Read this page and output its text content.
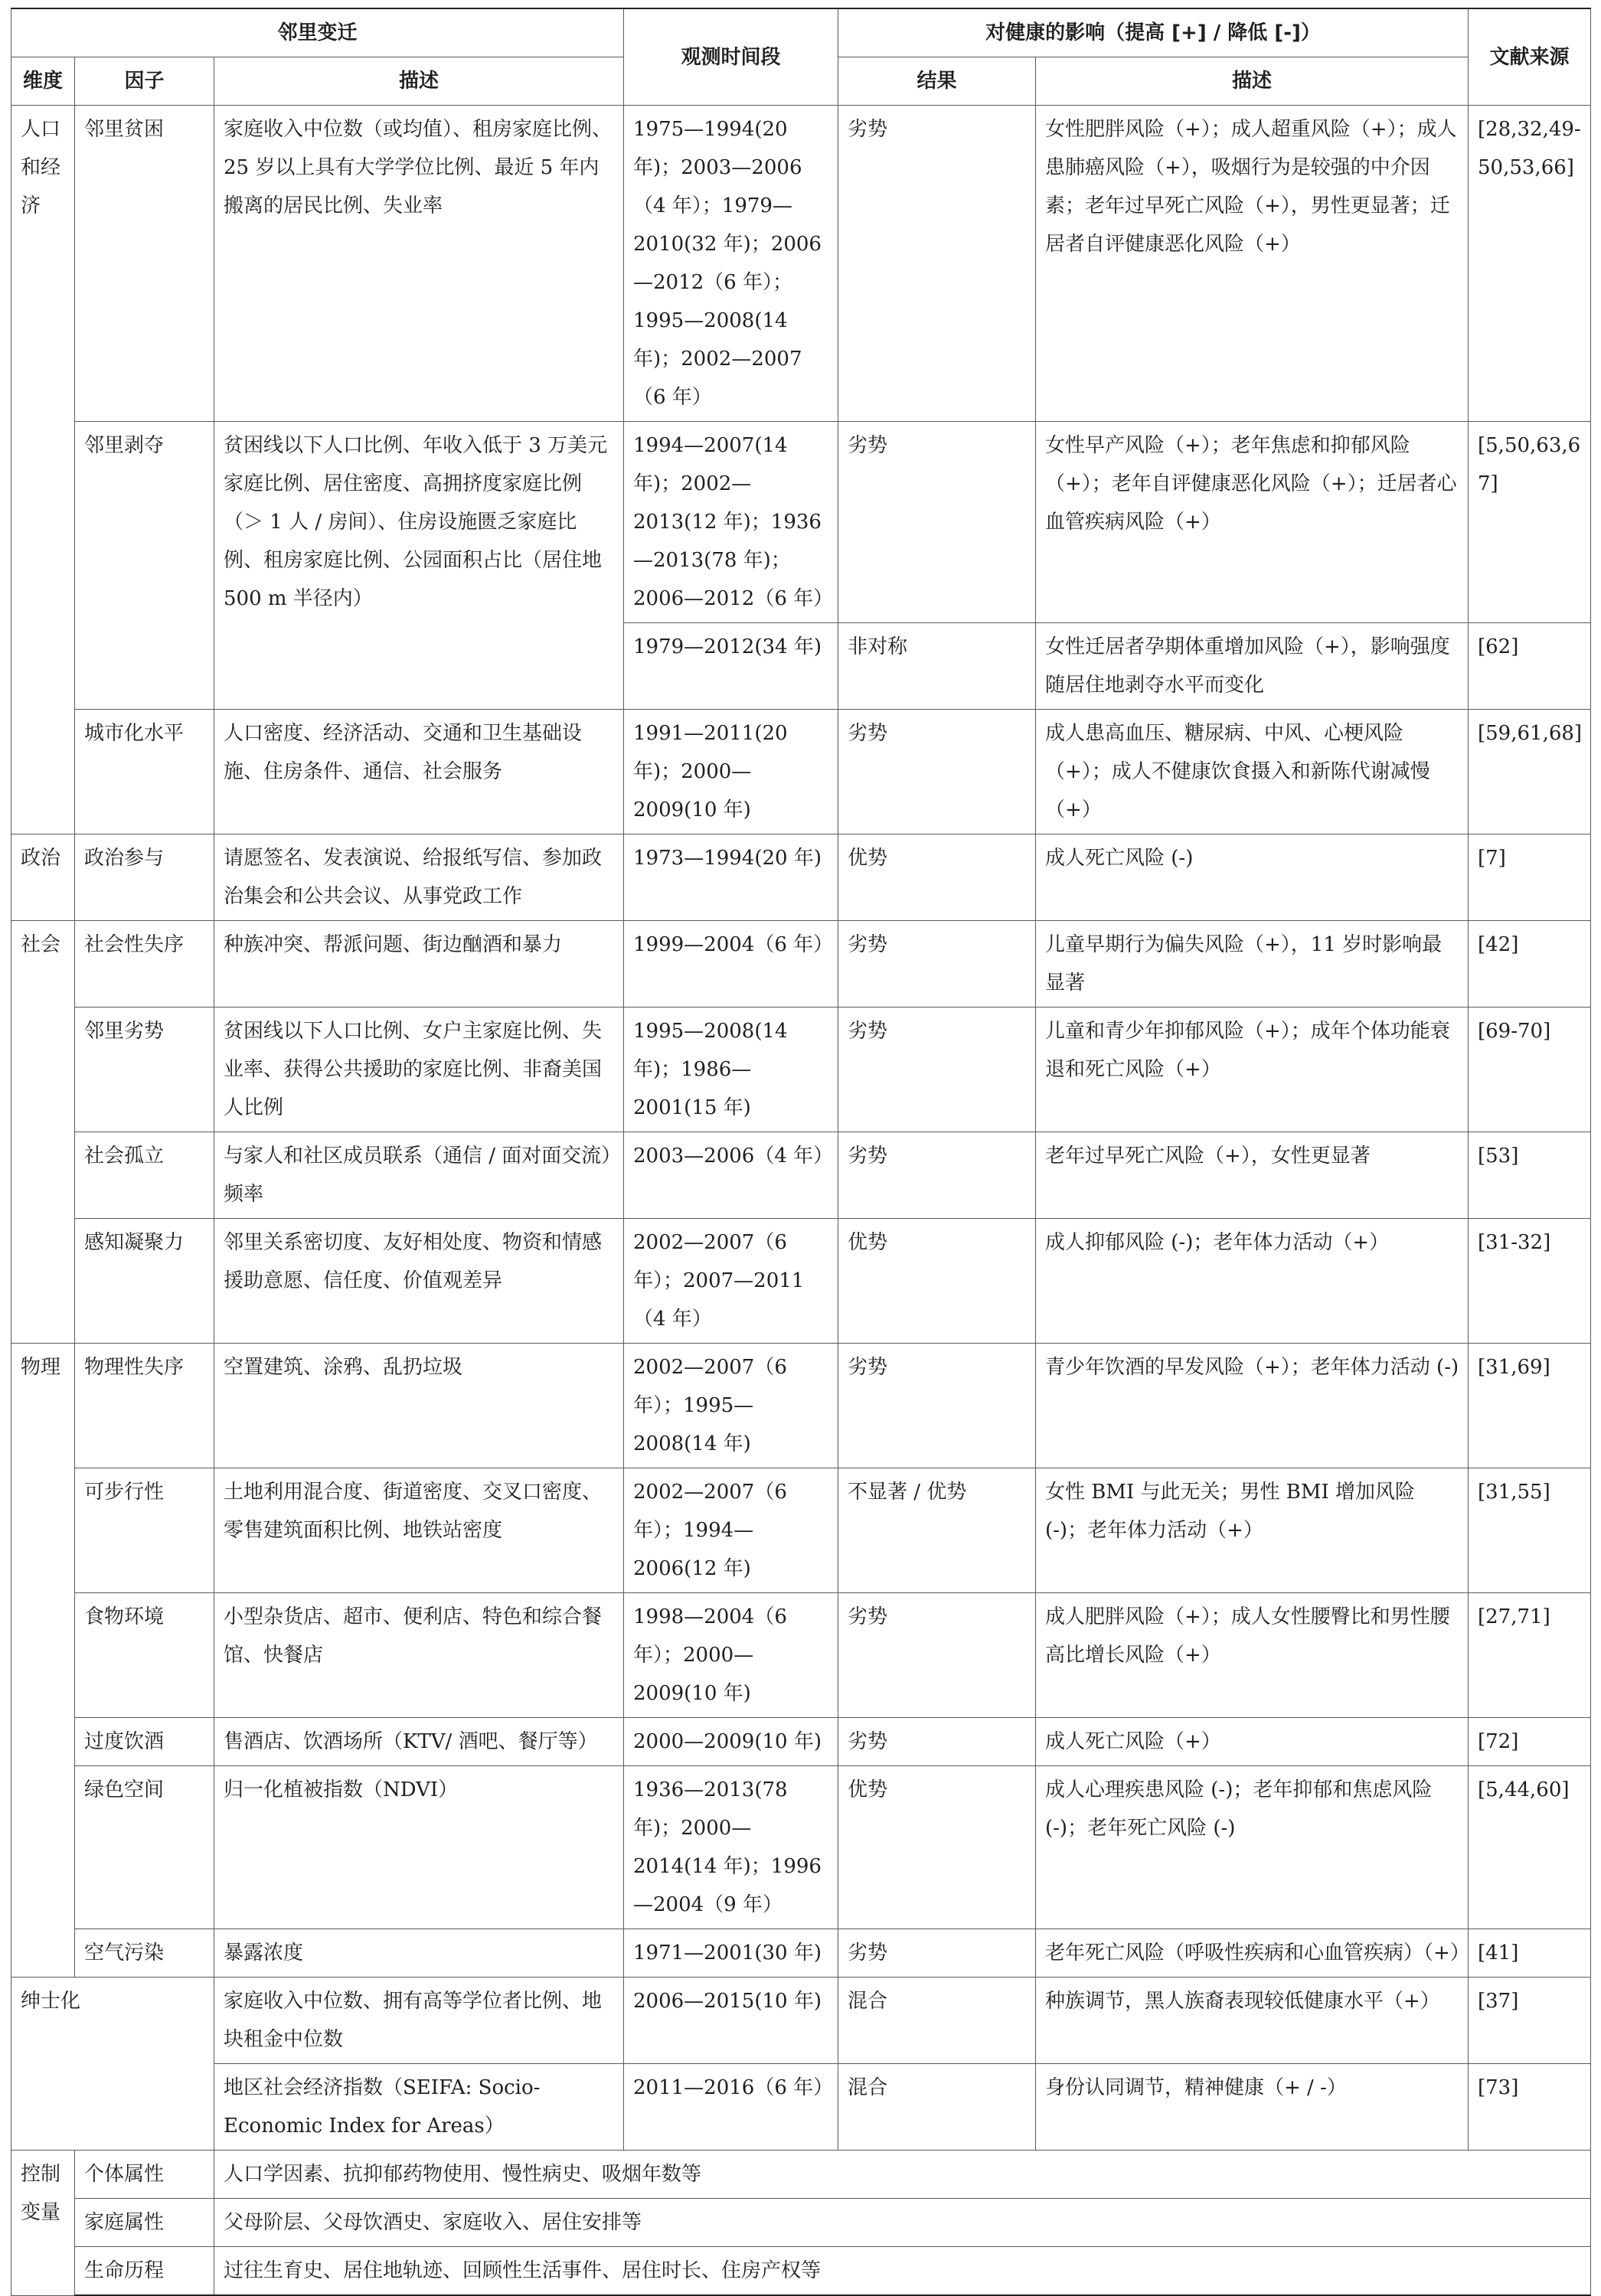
邻里变迁			观测时间段	对健康的影响（提高 [+] / 降低 [-]）		文献来源
维度	因子	描述		结果	描述	
人口和经济	邻里贫困	家庭收入中位数（或均值）、租房家庭比例、25 岁以上具有大学学位比例、最近 5 年内搬离的居民比例、失业率	1975—1994(20 年)；2003—2006（4 年）；1979—2010(32 年)；2006—2012（6 年）；1995—2008(14 年)；2002—2007（6 年）	劣势	女性肥胖风险（+）；成人超重风险（+）；成人患肺癌风险（+），吸烟行为是较强的中介因素；老年过早死亡风险（+），男性更显著；迁居者自评健康恶化风险（+）	[28,32,49-50,53,66]
	邻里剥夺	贫困线以下人口比例、年收入低于 3 万美元家庭比例、居住密度、高拥挤度家庭比例（＞ 1 人 / 房间）、住房设施匮乏家庭比例、租房家庭比例、公园面积占比（居住地 500 m 半径内）	1994—2007(14 年)；2002—2013(12 年)；1936—2013(78 年)；2006—2012（6 年）	劣势	女性早产风险（+）；老年焦虑和抑郁风险（+）；老年自评健康恶化风险（+）；迁居者心血管疾病风险（+）	[5,50,63,67]
			1979—2012(34 年)	非对称	女性迁居者孕期体重增加风险（+），影响强度随居住地剥夺水平而变化	[62]
	城市化水平	人口密度、经济活动、交通和卫生基础设施、住房条件、通信、社会服务	1991—2011(20 年)；2000—2009(10 年)	劣势	成人患高血压、糖尿病、中风、心梗风险（+）；成人不健康饮食摄入和新陈代谢减慢（+）	[59,61,68]
政治	政治参与	请愿签名、发表演说、给报纸写信、参加政治集会和公共会议、从事党政工作	1973—1994(20 年)	优势	成人死亡风险 (-)	[7]
社会	社会性失序	种族冲突、帮派问题、街边酗酒和暴力	1999—2004（6 年）	劣势	儿童早期行为偏失风险（+），11 岁时影响最显著	[42]
	邻里劣势	贫困线以下人口比例、女户主家庭比例、失业率、获得公共援助的家庭比例、非裔美国人比例	1995—2008(14 年)；1986—2001(15 年)	劣势	儿童和青少年抑郁风险（+）；成年个体功能衰退和死亡风险（+）	[69-70]
	社会孤立	与家人和社区成员联系（通信 / 面对面交流）频率	2003—2006（4 年）	劣势	老年过早死亡风险（+），女性更显著	[53]
	感知凝聚力	邻里关系密切度、友好相处度、物资和情感援助意愿、信任度、价值观差异	2002—2007（6 年）；2007—2011（4 年）	优势	成人抑郁风险 (-)；老年体力活动（+）	[31-32]
物理	物理性失序	空置建筑、涂鸦、乱扔垃圾	2002—2007（6 年）；1995—2008(14 年)	劣势	青少年饮酒的早发风险（+）；老年体力活动 (-)	[31,69]
	可步行性	土地利用混合度、街道密度、交叉口密度、零售建筑面积比例、地铁站密度	2002—2007（6 年）；1994—2006(12 年)	不显著 / 优势	女性 BMI 与此无关；男性 BMI 增加风险 (-)；老年体力活动（+）	[31,55]
	食物环境	小型杂货店、超市、便利店、特色和综合餐馆、快餐店	1998—2004（6 年）；2000—2009(10 年)	劣势	成人肥胖风险（+）；成人女性腰臀比和男性腰高比增长风险（+）	[27,71]
	过度饮酒	售酒店、饮酒场所（KTV/ 酒吧、餐厅等）	2000—2009(10 年)	劣势	成人死亡风险（+）	[72]
	绿色空间	归一化植被指数（NDVI）	1936—2013(78 年)；2000—2014(14 年)；1996—2004（9 年）	优势	成人心理疾患风险 (-)；老年抑郁和焦虑风险 (-)；老年死亡风险 (-)	[5,44,60]
	空气污染	暴露浓度	1971—2001(30 年)	劣势	老年死亡风险（呼吸性疾病和心血管疾病）（+）	[41]
绅士化		家庭收入中位数、拥有高等学位者比例、地块租金中位数	2006—2015(10 年)	混合	种族调节，黑人族裔表现较低健康水平（+）	[37]
		地区社会经济指数（SEIFA: Socio-Economic Index for Areas）	2011—2016（6 年）	混合	身份认同调节，精神健康（+ / -）	[73]
控制变量	个体属性	人口学因素、抗抑郁药物使用、慢性病史、吸烟年数等				
	家庭属性	父母阶层、父母饮酒史、家庭收入、居住安排等				
	生命历程	过往生育史、居住地轨迹、回顾性生活事件、居住时长、住房产权等				
